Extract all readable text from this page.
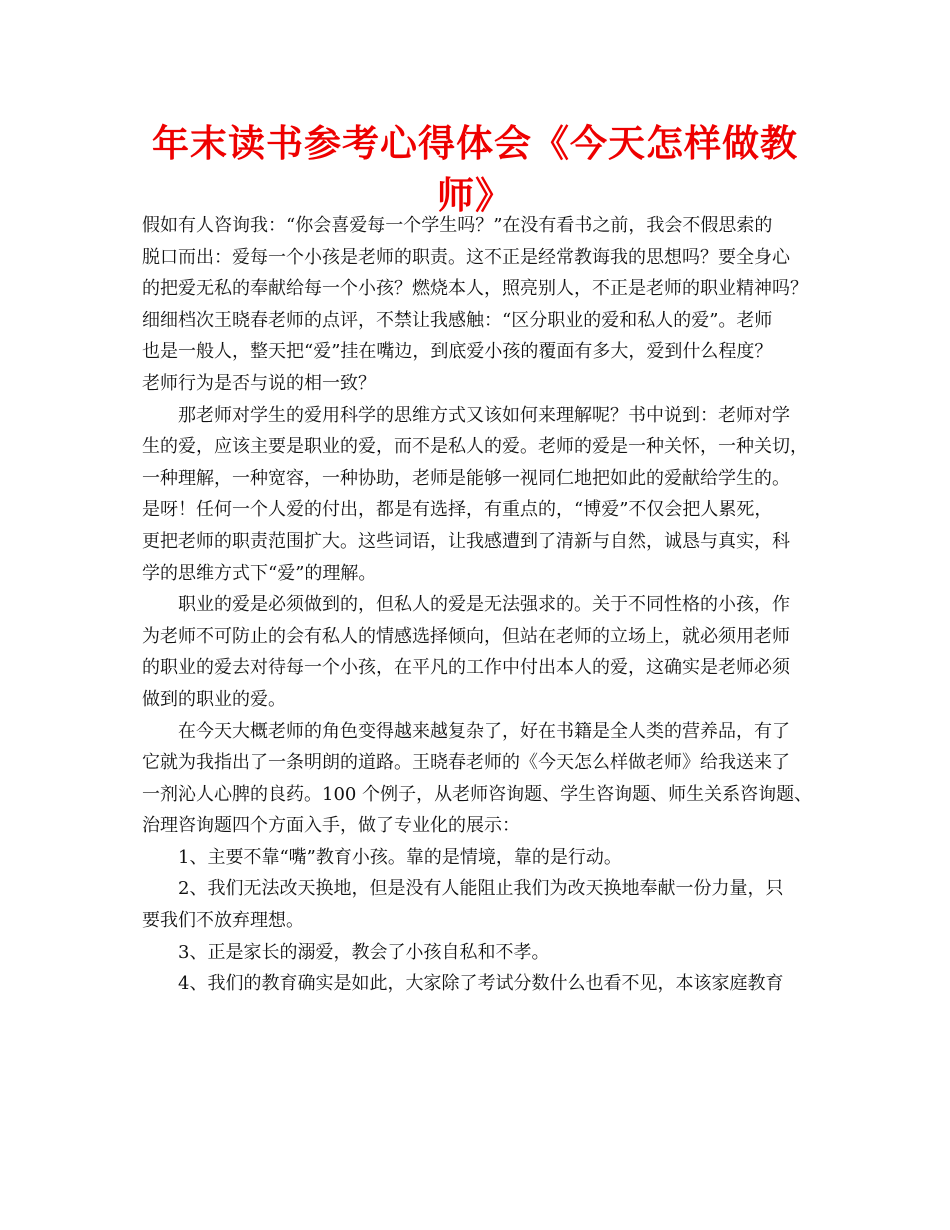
年末读书参考心得体会《今天怎样做教
师》
假如有人咨询我：“你会喜爱每一个学生吗？”在没有看书之前，我会不假思索的
脱口而出：爱每一个小孩是老师的职责。这不正是经常教诲我的思想吗？要全身心
的把爱无私的奉献给每一个小孩？燃烧本人，照亮别人，不正是老师的职业精神吗？
细细档次王晓春老师的点评，不禁让我感触：“区分职业的爱和私人的爱”。老师
也是一般人，整天把“爱”挂在嘴边，到底爱小孩的覆面有多大，爱到什么程度？
老师行为是否与说的相一致？
那老师对学生的爱用科学的思维方式又该如何来理解呢？书中说到：老师对学
生的爱，应该主要是职业的爱，而不是私人的爱。老师的爱是一种关怀，一种关切，
一种理解，一种宽容，一种协助，老师是能够一视同仁地把如此的爱献给学生的。
是呀！任何一个人爱的付出，都是有选择，有重点的，“博爱”不仅会把人累死，
更把老师的职责范围扩大。这些词语，让我感遭到了清新与自然，诚恳与真实，科
学的思维方式下“爱”的理解。
职业的爱是必须做到的，但私人的爱是无法强求的。关于不同性格的小孩，作
为老师不可防止的会有私人的情感选择倾向，但站在老师的立场上，就必须用老师
的职业的爱去对待每一个小孩，在平凡的工作中付出本人的爱，这确实是老师必须
做到的职业的爱。
在今天大概老师的角色变得越来越复杂了，好在书籍是全人类的营养品，有了
它就为我指出了一条明朗的道路。王晓春老师的《今天怎么样做老师》给我送来了
一剂沁人心脾的良药。100 个例子，从老师咨询题、学生咨询题、师生关系咨询题、
治理咨询题四个方面入手，做了专业化的展示：
1、主要不靠“嘴”教育小孩。靠的是情境，靠的是行动。
2、我们无法改天换地，但是没有人能阻止我们为改天换地奉献一份力量，只
要我们不放弃理想。
3、正是家长的溺爱，教会了小孩自私和不孝。
4、我们的教育确实是如此，大家除了考试分数什么也看不见，本该家庭教育
